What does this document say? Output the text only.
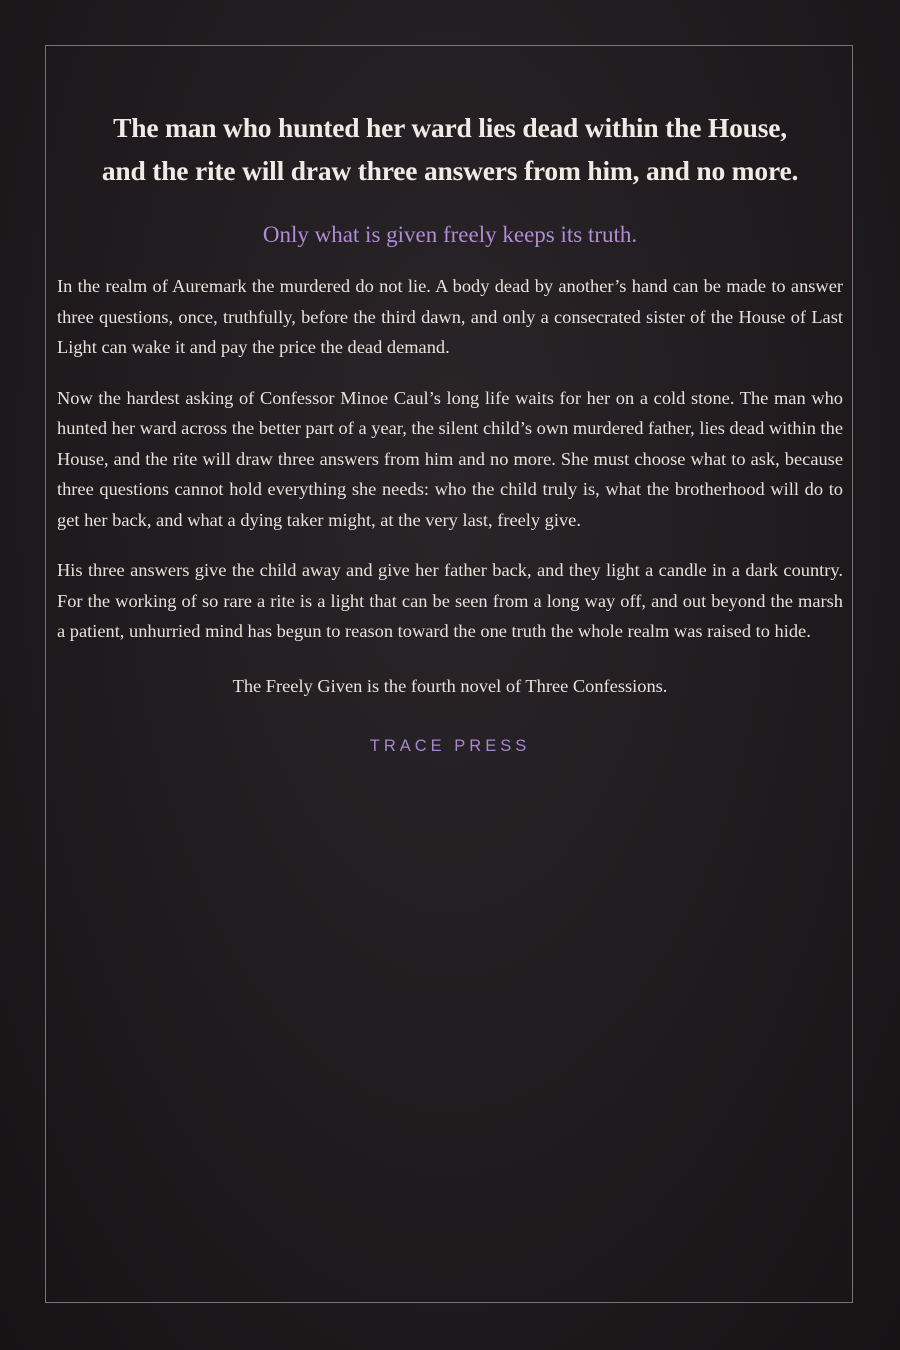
The man who hunted her ward lies dead within the House,
and the rite will draw three answers from him, and no more.

Only what is given freely keeps its truth.

In the realm of Auremark the murdered do not lie. A body dead by another’s hand can be made to answer three questions, once, truthfully, before the third dawn, and only a consecrated sister of the House of Last Light can wake it and pay the price the dead demand.

Now the hardest asking of Confessor Minoe Caul’s long life waits for her on a cold stone. The man who hunted her ward across the better part of a year, the silent child’s own murdered father, lies dead within the House, and the rite will draw three answers from him and no more. She must choose what to ask, because three questions cannot hold everything she needs: who the child truly is, what the brotherhood will do to get her back, and what a dying taker might, at the very last, freely give.

His three answers give the child away and give her father back, and they light a candle in a dark country. For the working of so rare a rite is a light that can be seen from a long way off, and out beyond the marsh a patient, unhurried mind has begun to reason toward the one truth the whole realm was raised to hide.

The Freely Given is the fourth novel of Three Confessions.

TRACE PRESS
